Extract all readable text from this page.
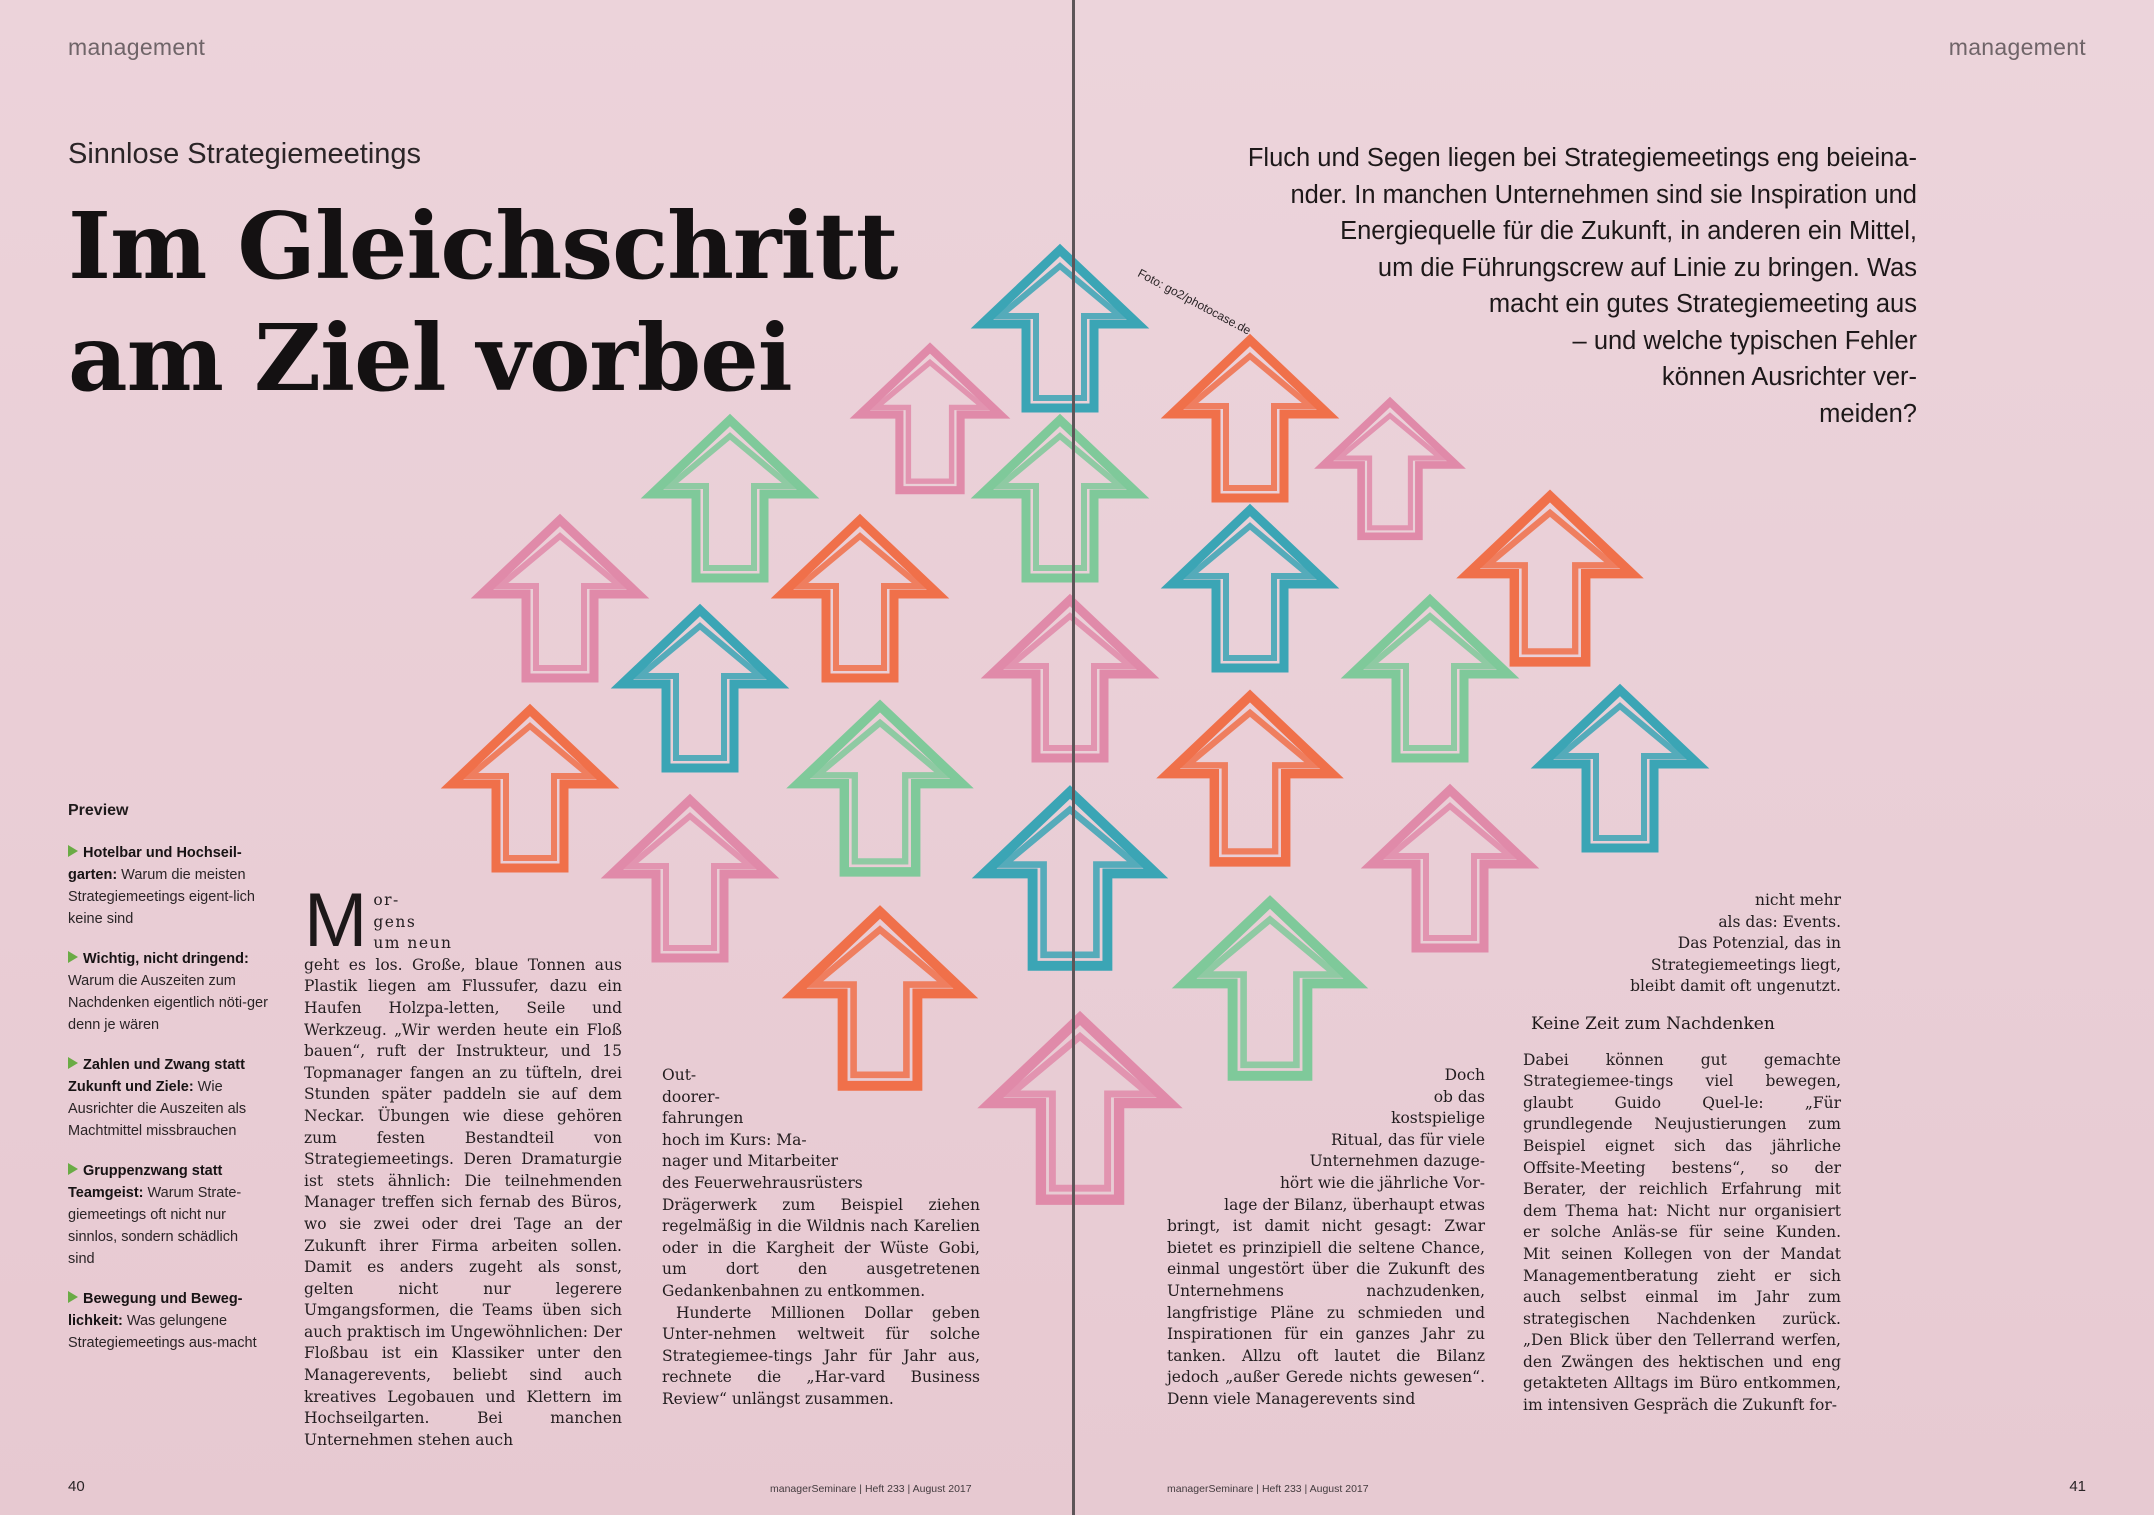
management
Sinnlose Strategiemeetings
Im Gleichschritt
am Ziel vorbei
Preview
Hotelbar und Hochseil-garten: Warum die meisten Strategiemeetings eigent-lich keine sind
Wichtig, nicht dringend: Warum die Auszeiten zum Nachdenken eigentlich nöti-ger denn je wären
Zahlen und Zwang statt Zukunft und Ziele: Wie Ausrichter die Auszeiten als Machtmittel missbrauchen
Gruppenzwang statt Teamgeist: Warum Strate-giemeetings oft nicht nur sinnlos, sondern schädlich sind
Bewegung und Beweg-lichkeit: Was gelungene Strategiemeetings aus-macht
M or-
gens
um neun

geht es los. Große, blaue Tonnen aus Plastik liegen am Flussufer, dazu ein Haufen Holzpa-letten, Seile und Werkzeug. „Wir werden heute ein Floß bauen“, ruft der Instrukteur, und 15 Topmanager fangen an zu tüfteln, drei Stunden später paddeln sie auf dem Neckar. Übungen wie diese gehören zum festen Bestandteil von Strategiemeetings. Deren Dramaturgie ist stets ähnlich: Die teilnehmenden Manager treffen sich fernab des Büros, wo sie zwei oder drei Tage an der Zukunft ihrer Firma arbeiten sollen. Damit es anders zugeht als sonst, gelten nicht nur legerere Umgangsformen, die Teams üben sich auch praktisch im Ungewöhnlichen: Der Floßbau ist ein Klassiker unter den Managerevents, beliebt sind auch kreatives Legobauen und Klettern im Hochseilgarten. Bei manchen Unternehmen stehen auch

Out-
doorer-
fahrungen
hoch im Kurs: Ma-
nager und Mitarbeiter
des Feuerwehrausrüsters

Drägerwerk zum Beispiel ziehen regelmäßig in die Wildnis nach Karelien oder in die Kargheit der Wüste Gobi, um dort den ausgetretenen Gedankenbahnen zu entkommen.

Hunderte Millionen Dollar geben Unter-nehmen weltweit für solche Strategiemee-tings Jahr für Jahr aus, rechnete die „Har-vard Business Review“ unlängst zusammen.

40	managerSeminare | Heft 233 | August 2017
management
Fluch und Segen liegen bei Strategiemeetings eng beieina-
nder. In manchen Unternehmen sind sie Inspiration und
Energiequelle für die Zukunft, in anderen ein Mittel,
um die Führungscrew auf Linie zu bringen. Was
macht ein gutes Strategiemeeting aus
– und welche typischen Fehler
können Ausrichter ver-
meiden?
Foto: go2/photocase.de
Doch
ob das
kostspielige
Ritual, das für viele
Unternehmen dazuge-
hört wie die jährliche Vor-
lage der Bilanz, überhaupt etwas

bringt, ist damit nicht gesagt: Zwar bietet es prinzipiell die seltene Chance, einmal ungestört über die Zukunft des Unternehmens nachzudenken, langfristige Pläne zu schmieden und Inspirationen für ein ganzes Jahr zu tanken. Allzu oft lautet die Bilanz jedoch „außer Gerede nichts gewesen“. Denn viele Managerevents sind

nicht mehr
als das: Events.
Das Potenzial, das in
Strategiemeetings liegt,
bleibt damit oft ungenutzt.
Keine Zeit zum Nachdenken

Dabei können gut gemachte Strategiemee-tings viel bewegen, glaubt Guido Quel-le: „Für grundlegende Neujustierungen zum Beispiel eignet sich das jährliche Offsite-Meeting bestens“, so der Berater, der reichlich Erfahrung mit dem Thema hat: Nicht nur organisiert er solche Anläs-se für seine Kunden. Mit seinen Kollegen von der Mandat Managementberatung zieht er sich auch selbst einmal im Jahr zum strategischen Nachdenken zurück. „Den Blick über den Tellerrand werfen, den Zwängen des hektischen und eng getakteten Alltags im Büro entkommen, im intensiven Gespräch die Zukunft for-

managerSeminare | Heft 233 | August 2017	41
